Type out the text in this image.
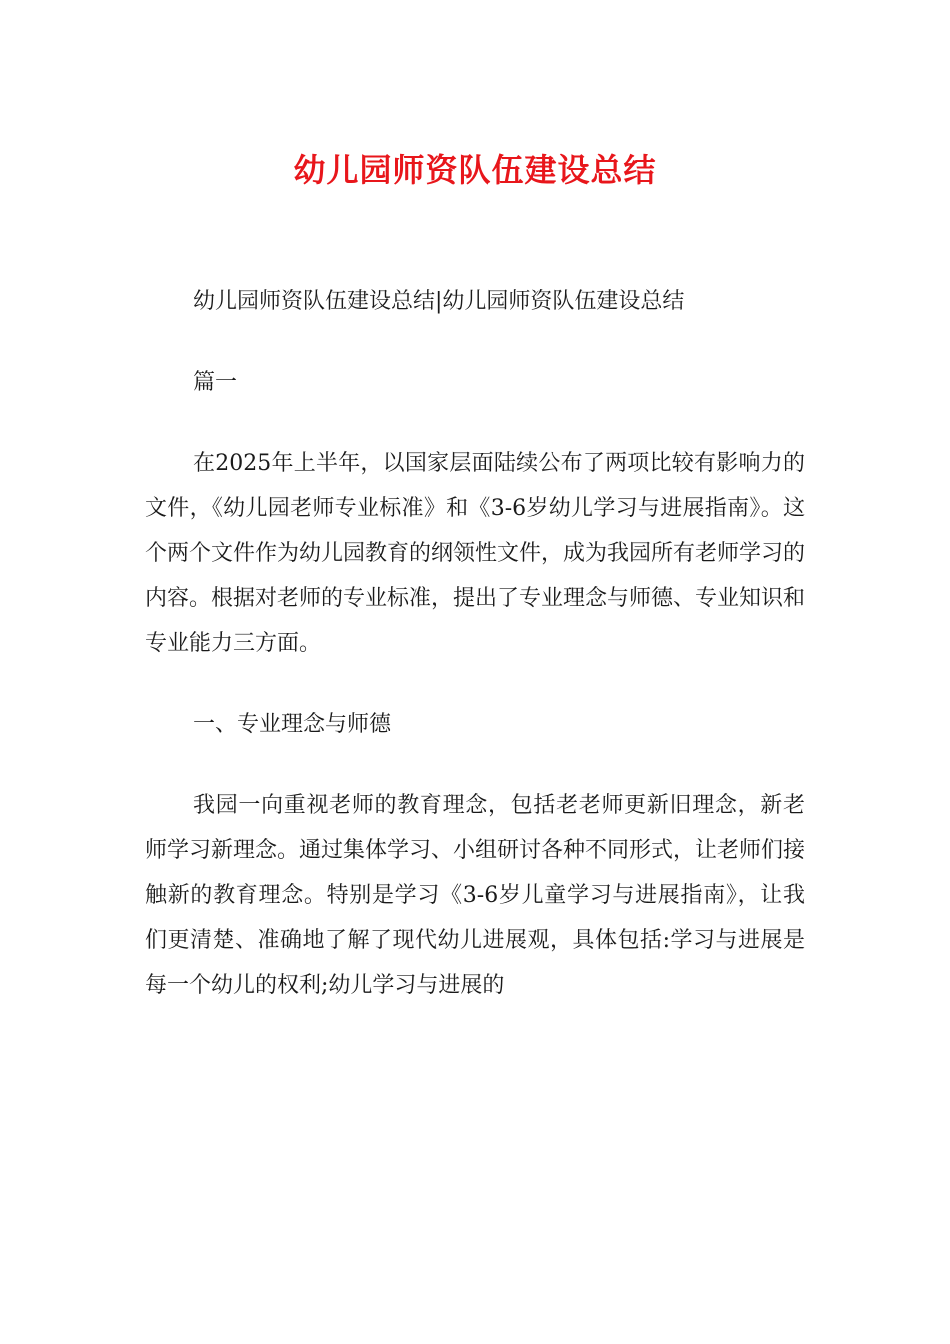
幼儿园师资队伍建设总结

幼儿园师资队伍建设总结|幼儿园师资队伍建设总结

篇一

在2025年上半年，以国家层面陆续公布了两项比较有影响力的文件，《幼儿园老师专业标准》和《3-6岁幼儿学习与进展指南》。这个两个文件作为幼儿园教育的纲领性文件，成为我园所有老师学习的内容。根据对老师的专业标准，提出了专业理念与师德、专业知识和专业能力三方面。

一、专业理念与师德

我园一向重视老师的教育理念，包括老老师更新旧理念，新老师学习新理念。通过集体学习、小组研讨各种不同形式，让老师们接触新的教育理念。特别是学习《3-6岁儿童学习与进展指南》，让我们更清楚、准确地了解了现代幼儿进展观，具体包括:学习与进展是每一个幼儿的权利;幼儿学习与进展的
